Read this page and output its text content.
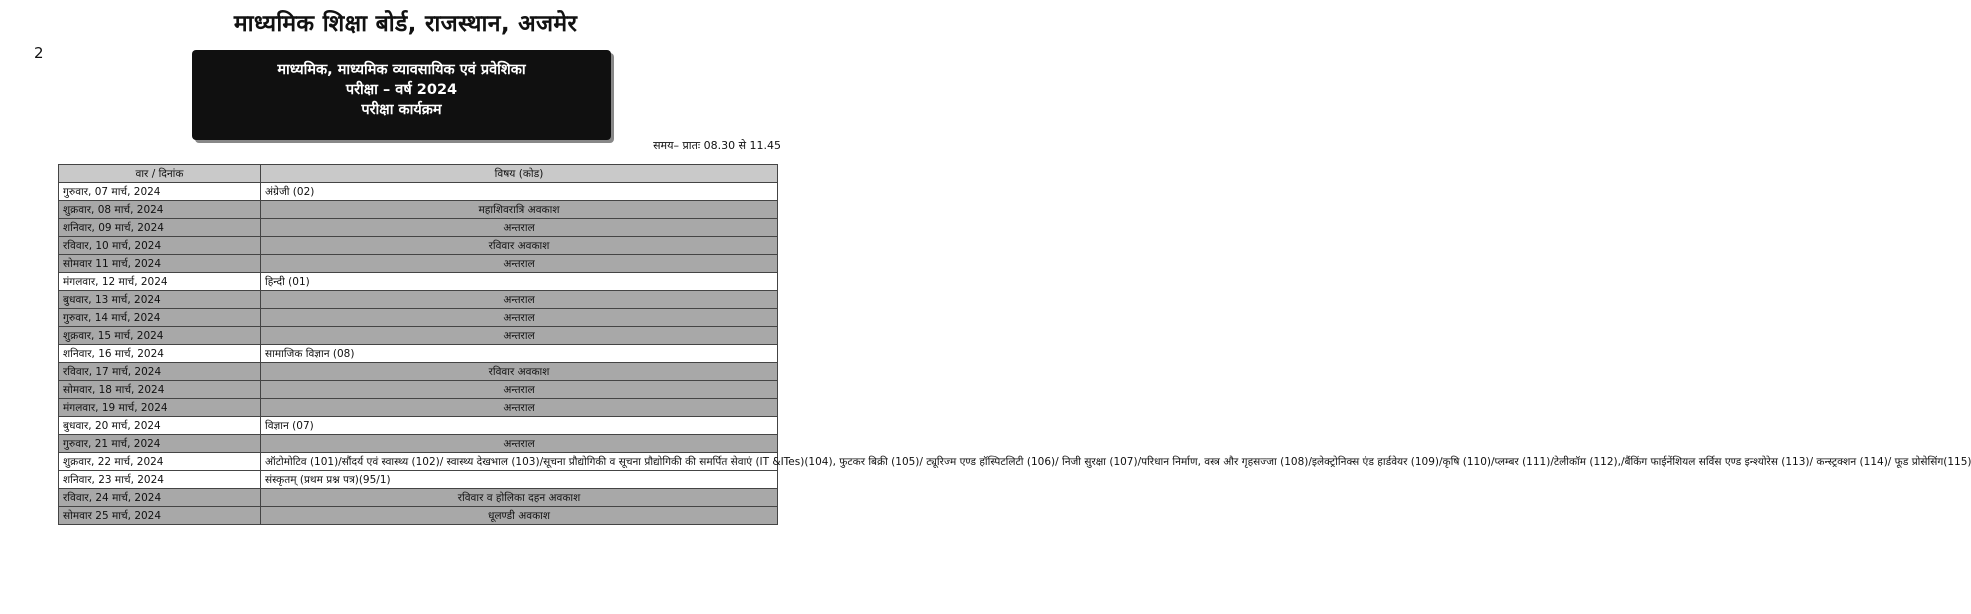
माध्यमिक शिक्षा बोर्ड, राजस्थान, अजमेर
2
माध्यमिक, माध्यमिक व्यावसायिक एवं प्रवेशिका
परीक्षा – वर्ष 2024
परीक्षा कार्यक्रम
समय– प्रातः 08.30 से 11.45
वार / दिनांक	विषय (कोड)
गुरुवार, 07 मार्च, 2024	अंग्रेजी (02)
शुक्रवार, 08 मार्च, 2024	महाशिवरात्रि अवकाश
शनिवार, 09 मार्च, 2024	अन्तराल
रविवार, 10 मार्च, 2024	रविवार अवकाश
सोमवार 11 मार्च, 2024	अन्तराल
मंगलवार, 12 मार्च, 2024	हिन्दी (01)
बुधवार, 13 मार्च, 2024	अन्तराल
गुरुवार, 14 मार्च, 2024	अन्तराल
शुक्रवार, 15 मार्च, 2024	अन्तराल
शनिवार, 16 मार्च, 2024	सामाजिक विज्ञान (08)
रविवार, 17 मार्च, 2024	रविवार अवकाश
सोमवार, 18 मार्च, 2024	अन्तराल
मंगलवार, 19 मार्च, 2024	अन्तराल
बुधवार, 20 मार्च, 2024	विज्ञान (07)
गुरुवार, 21 मार्च, 2024	अन्तराल
शुक्रवार, 22 मार्च, 2024	ऑटोमोटिव (101)/सौंदर्य एवं स्वास्थ्य (102)/ स्वास्थ्य देखभाल (103)/सूचना प्रौद्योगिकी व सूचना प्रौद्योगिकी की समर्पित सेवाएं (IT &ITes)(104), फुटकर बिक्री (105)/ ट्यूरिज्म एण्ड हॉस्पिटलिटी (106)/ निजी सुरक्षा (107)/परिधान निर्माण, वस्त्र और गृहसज्जा (108)/इलेक्ट्रोनिक्स एंड हार्डवेयर (109)/कृषि (110)/प्लम्बर (111)/टेलीकॉम (112),/बैंकिंग फाईनेंशियल सर्विस एण्ड इन्श्योरेस (113)/ कन्स्ट्रक्शन (114)/ फूड प्रोसेसिंग(115)
शनिवार, 23 मार्च, 2024	संस्कृतम् (प्रथम प्रश्न पत्र)(95/1)
रविवार, 24 मार्च, 2024	रविवार व होलिका दहन अवकाश
सोमवार 25 मार्च, 2024	धूलण्डी अवकाश
